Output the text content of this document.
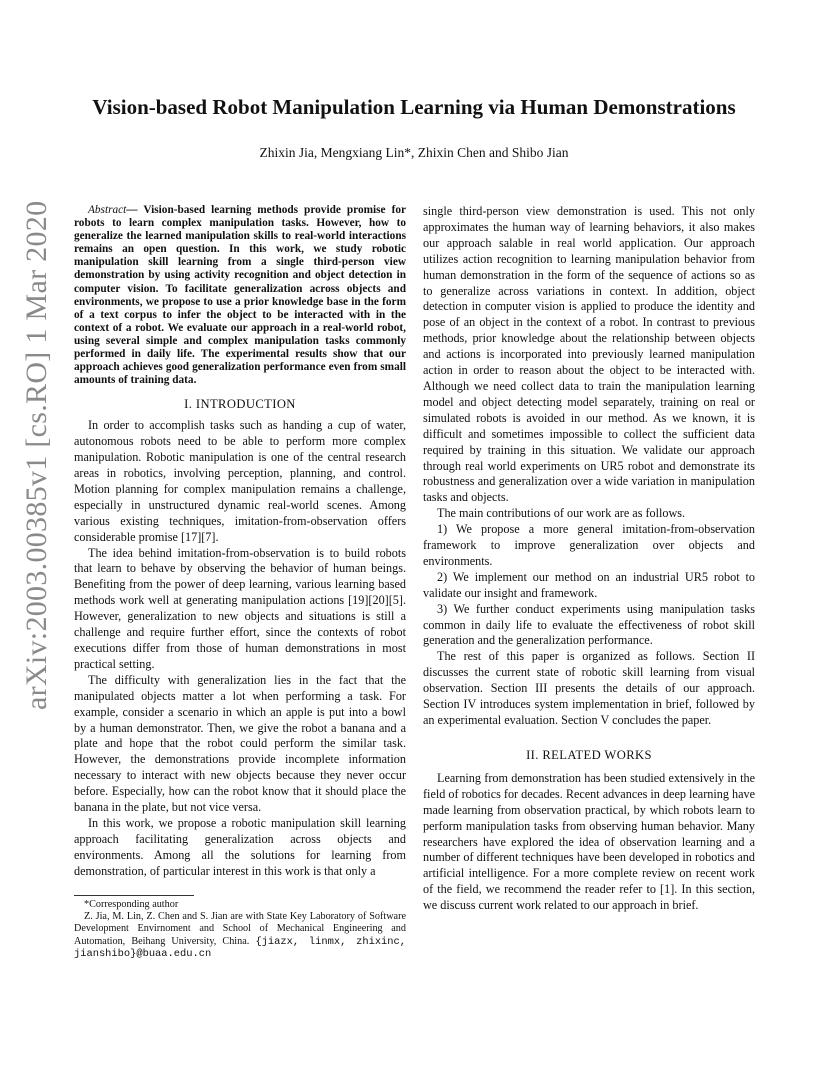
arXiv:2003.00385v1 [cs.RO] 1 Mar 2020
Vision-based Robot Manipulation Learning via Human Demonstrations
Zhixin Jia, Mengxiang Lin*, Zhixin Chen and Shibo Jian

Abstract— Vision-based learning methods provide promise for robots to learn complex manipulation tasks. However, how to generalize the learned manipulation skills to real-world interactions remains an open question. In this work, we study robotic manipulation skill learning from a single third-person view demonstration by using activity recognition and object detection in computer vision. To facilitate generalization across objects and environments, we propose to use a prior knowledge base in the form of a text corpus to infer the object to be interacted with in the context of a robot. We evaluate our approach in a real-world robot, using several simple and complex manipulation tasks commonly performed in daily life. The experimental results show that our approach achieves good generalization performance even from small amounts of training data.

I. INTRODUCTION

In order to accomplish tasks such as handing a cup of water, autonomous robots need to be able to perform more complex manipulation. Robotic manipulation is one of the central research areas in robotics, involving perception, planning, and control. Motion planning for complex manipulation remains a challenge, especially in unstructured dynamic real-world scenes. Among various existing techniques, imitation-from-observation offers considerable promise [17][7].

The idea behind imitation-from-observation is to build robots that learn to behave by observing the behavior of human beings. Benefiting from the power of deep learning, various learning based methods work well at generating manipulation actions [19][20][5]. However, generalization to new objects and situations is still a challenge and require further effort, since the contexts of robot executions differ from those of human demonstrations in most practical setting.

The difficulty with generalization lies in the fact that the manipulated objects matter a lot when performing a task. For example, consider a scenario in which an apple is put into a bowl by a human demonstrator. Then, we give the robot a banana and a plate and hope that the robot could perform the similar task. However, the demonstrations provide incomplete information necessary to interact with new objects because they never occur before. Especially, how can the robot know that it should place the banana in the plate, but not vice versa.

In this work, we propose a robotic manipulation skill learning approach facilitating generalization across objects and environments. Among all the solutions for learning from demonstration, of particular interest in this work is that only a

*Corresponding author

Z. Jia, M. Lin, Z. Chen and S. Jian are with State Key Laboratory of Software Development Envirnoment and School of Mechanical Engineering and Automation, Beihang University, China. {jiazx, linmx, zhixinc, jianshibo}@buaa.edu.cn

single third-person view demonstration is used. This not only approximates the human way of learning behaviors, it also makes our approach salable in real world application. Our approach utilizes action recognition to learning manipulation behavior from human demonstration in the form of the sequence of actions so as to generalize across variations in context. In addition, object detection in computer vision is applied to produce the identity and pose of an object in the context of a robot. In contrast to previous methods, prior knowledge about the relationship between objects and actions is incorporated into previously learned manipulation action in order to reason about the object to be interacted with. Although we need collect data to train the manipulation learning model and object detecting model separately, training on real or simulated robots is avoided in our method. As we known, it is difficult and sometimes impossible to collect the sufficient data required by training in this situation. We validate our approach through real world experiments on UR5 robot and demonstrate its robustness and generalization over a wide variation in manipulation tasks and objects.

The main contributions of our work are as follows.

1) We propose a more general imitation-from-observation framework to improve generalization over objects and environments.

2) We implement our method on an industrial UR5 robot to validate our insight and framework.

3) We further conduct experiments using manipulation tasks common in daily life to evaluate the effectiveness of robot skill generation and the generalization performance.

The rest of this paper is organized as follows. Section II discusses the current state of robotic skill learning from visual observation. Section III presents the details of our approach. Section IV introduces system implementation in brief, followed by an experimental evaluation. Section V concludes the paper.

II. RELATED WORKS

Learning from demonstration has been studied extensively in the field of robotics for decades. Recent advances in deep learning have made learning from observation practical, by which robots learn to perform manipulation tasks from observing human behavior. Many researchers have explored the idea of observation learning and a number of different techniques have been developed in robotics and artificial intelligence. For a more complete review on recent work of the field, we recommend the reader refer to [1]. In this section, we discuss current work related to our approach in brief.
